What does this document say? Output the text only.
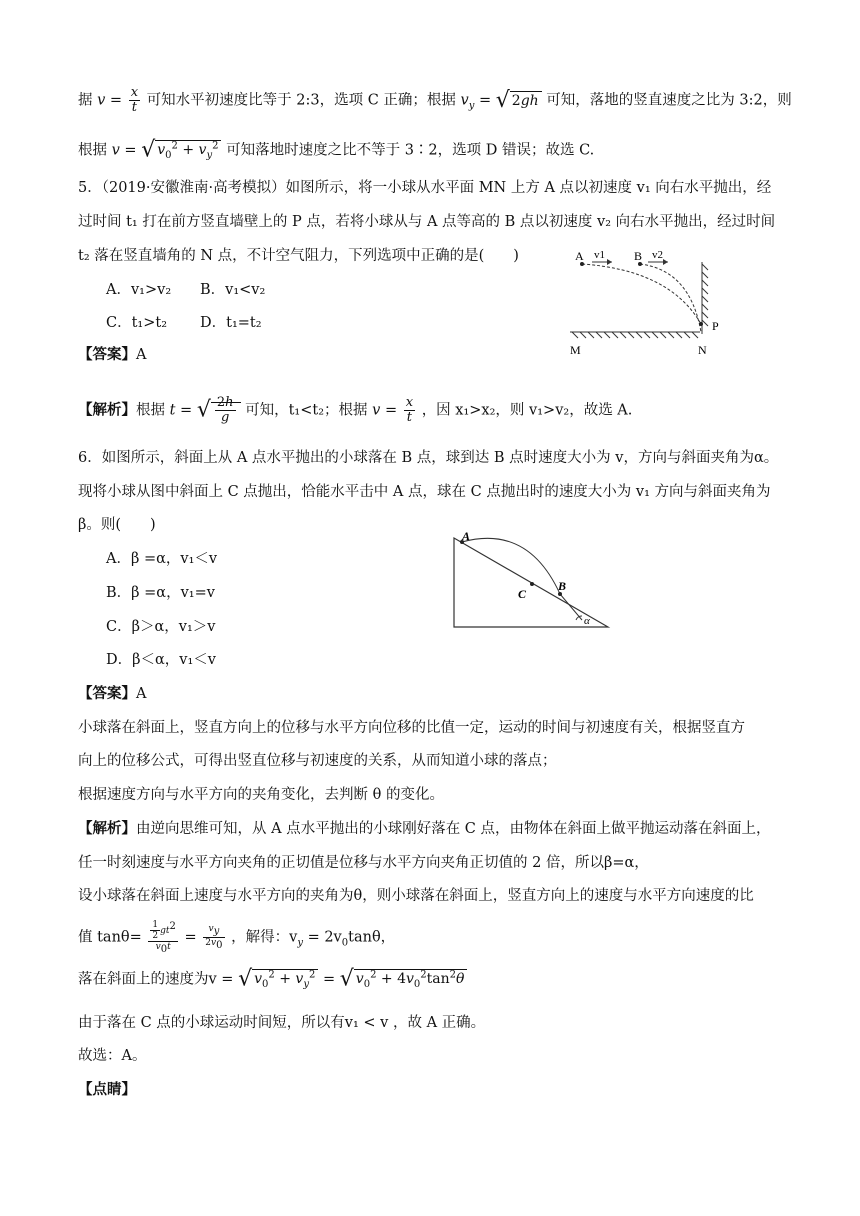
据 $v = \frac{x}{t}$ 可知水平初速度比等于 2:3，选项 C 正确；根据 $v_y$ = √ 2gh 可知，落地的竖直速度之比为 3:2，则
根据 v = √ $v_0^2 + v_y^2$ 可知落地时速度之比不等于 3∶2，选项 D 错误；故选 C.
5．（2019·安徽淮南·高考模拟）如图所示，将一小球从水平面 MN 上方 A 点以初速度 v₁ 向右水平抛出，经
过时间 t₁ 打在前方竖直墙壁上的 P 点，若将小球从与 A 点等高的 B 点以初速度 v₂ 向右水平抛出，经过时间
t₂ 落在竖直墙角的 N 点，不计空气阻力，下列选项中正确的是(　　)
A．v₁>v₂ B．v₁<v₂
C．t₁>t₂ D．t₁=t₂
【答案】A
【解析】根据 t = √ $\frac{2h}{g}$ 可知，t₁<t₂；根据 $v = \frac{x}{t}$ ，因 x₁>x₂，则 v₁>v₂，故选 A.
A v1 B v2
P
M	N
6．如图所示，斜面上从 A 点水平抛出的小球落在 B 点，球到达 B 点时速度大小为 v，方向与斜面夹角为α。
现将小球从图中斜面上 C 点抛出，恰能水平击中 A 点，球在 C 点抛出时的速度大小为 v₁ 方向与斜面夹角为
β。则(　　)
A．β =α，v₁＜v
B．β =α，v₁=v
C．β＞α，v₁＞v
D．β＜α，v₁＜v
A
C
B
α
【答案】A
小球落在斜面上，竖直方向上的位移与水平方向位移的比值一定，运动的时间与初速度有关，根据竖直方
向上的位移公式，可得出竖直位移与初速度的关系，从而知道小球的落点；
根据速度方向与水平方向的夹角变化，去判断 θ 的变化。
【解析】由逆向思维可知，从 A 点水平抛出的小球刚好落在 C 点，由物体在斜面上做平抛运动落在斜面上，
任一时刻速度与水平方向夹角的正切值是位移与水平方向夹角正切值的 2 倍，所以β=α，
设小球落在斜面上速度与水平方向的夹角为θ，则小球落在斜面上，竖直方向上的速度与水平方向速度的比
值 $\tan\theta= \frac{\frac{1}{2} gt^2}{v_0t} = \frac{v_y}{2v_0}$ ，解得：$v_y = 2v_0\tan\theta$，
落在斜面上的速度为v = √ $v_0^2 + v_y^2$ = √ $v_0^2 + 4v_0^2\tan^2\theta$
由于落在 C 点的小球运动时间短，所以有v₁ < v ，故 A 正确。
故选：A。
【点睛】
